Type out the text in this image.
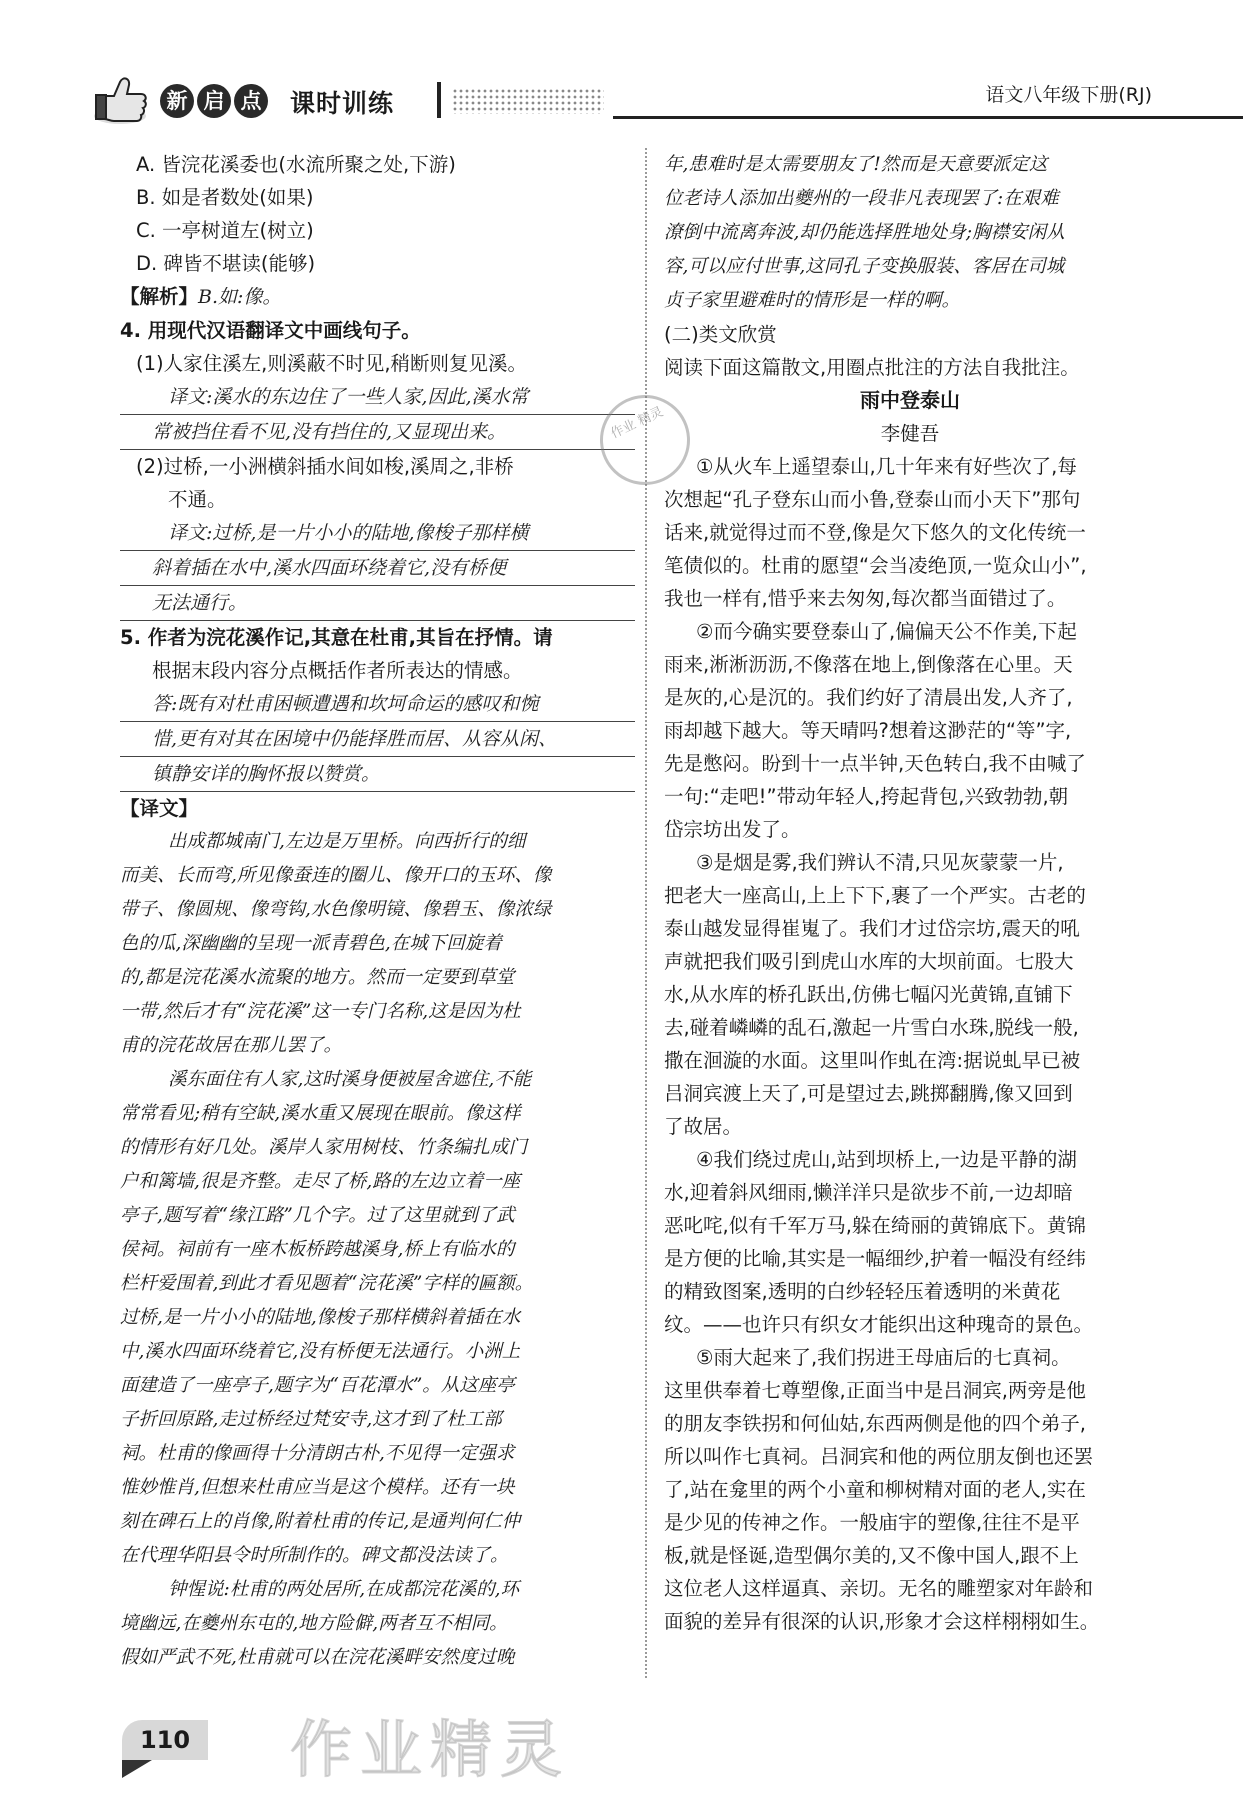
新 启 点 课时训练	语文八年级下册(RJ)
A. 皆浣花溪委也(水流所聚之处,下游)
B. 如是者数处(如果)
C. 一亭树道左(树立)
D. 碑皆不堪读(能够)
【解析】B.如:像。
4. 用现代汉语翻译文中画线句子。
(1)人家住溪左,则溪蔽不时见,稍断则复见溪。
译文:溪水的东边住了一些人家,因此,溪水常
常被挡住看不见,没有挡住的,又显现出来。
(2)过桥,一小洲横斜插水间如梭,溪周之,非桥
不通。
译文:过桥,是一片小小的陆地,像梭子那样横
斜着插在水中,溪水四面环绕着它,没有桥便
无法通行。
5. 作者为浣花溪作记,其意在杜甫,其旨在抒情。请
根据末段内容分点概括作者所表达的情感。
答:既有对杜甫困顿遭遇和坎坷命运的感叹和惋
惜,更有对其在困境中仍能择胜而居、从容从闲、
镇静安详的胸怀报以赞赏。
【译文】
出成都城南门,左边是万里桥。向西折行的细
而美、长而弯,所见像蚕连的圈儿、像开口的玉环、像
带子、像圆规、像弯钩,水色像明镜、像碧玉、像浓绿
色的瓜,深幽幽的呈现一派青碧色,在城下回旋着
的,都是浣花溪水流聚的地方。然而一定要到草堂
一带,然后才有“浣花溪”这一专门名称,这是因为杜
甫的浣花故居在那儿罢了。
溪东面住有人家,这时溪身便被屋舍遮住,不能
常常看见;稍有空缺,溪水重又展现在眼前。像这样
的情形有好几处。溪岸人家用树枝、竹条编扎成门
户和篱墙,很是齐整。走尽了桥,路的左边立着一座
亭子,题写着“缘江路”几个字。过了这里就到了武
侯祠。祠前有一座木板桥跨越溪身,桥上有临水的
栏杆爱围着,到此才看见题着“浣花溪”字样的匾额。
过桥,是一片小小的陆地,像梭子那样横斜着插在水
中,溪水四面环绕着它,没有桥便无法通行。小洲上
面建造了一座亭子,题字为“百花潭水”。从这座亭
子折回原路,走过桥经过梵安寺,这才到了杜工部
祠。杜甫的像画得十分清朗古朴,不见得一定强求
惟妙惟肖,但想来杜甫应当是这个模样。还有一块
刻在碑石上的肖像,附着杜甫的传记,是通判何仁仲
在代理华阳县令时所制作的。碑文都没法读了。
钟惺说:杜甫的两处居所,在成都浣花溪的,环
境幽远,在夔州东屯的,地方险僻,两者互不相同。
假如严武不死,杜甫就可以在浣花溪畔安然度过晚
年,患难时是太需要朋友了!然而是天意要派定这
位老诗人添加出夔州的一段非凡表现罢了:在艰难
潦倒中流离奔波,却仍能选择胜地处身;胸襟安闲从
容,可以应付世事,这同孔子变换服装、客居在司城
贞子家里避难时的情形是一样的啊。
(二)类文欣赏
阅读下面这篇散文,用圈点批注的方法自我批注。
雨中登泰山
李健吾
①从火车上遥望泰山,几十年来有好些次了,每
次想起“孔子登东山而小鲁,登泰山而小天下”那句
话来,就觉得过而不登,像是欠下悠久的文化传统一
笔债似的。杜甫的愿望“会当凌绝顶,一览众山小”,
我也一样有,惜乎来去匆匆,每次都当面错过了。
②而今确实要登泰山了,偏偏天公不作美,下起
雨来,淅淅沥沥,不像落在地上,倒像落在心里。天
是灰的,心是沉的。我们约好了清晨出发,人齐了,
雨却越下越大。等天晴吗?想着这渺茫的“等”字,
先是憋闷。盼到十一点半钟,天色转白,我不由喊了
一句:“走吧!”带动年轻人,挎起背包,兴致勃勃,朝
岱宗坊出发了。
③是烟是雾,我们辨认不清,只见灰蒙蒙一片,
把老大一座高山,上上下下,裹了一个严实。古老的
泰山越发显得崔嵬了。我们才过岱宗坊,震天的吼
声就把我们吸引到虎山水库的大坝前面。七股大
水,从水库的桥孔跃出,仿佛七幅闪光黄锦,直铺下
去,碰着嶙嶙的乱石,激起一片雪白水珠,脱线一般,
撒在洄漩的水面。这里叫作虬在湾:据说虬早已被
吕洞宾渡上天了,可是望过去,跳掷翻腾,像又回到
了故居。
④我们绕过虎山,站到坝桥上,一边是平静的湖
水,迎着斜风细雨,懒洋洋只是欲步不前,一边却暗
恶叱咤,似有千军万马,躲在绮丽的黄锦底下。黄锦
是方便的比喻,其实是一幅细纱,护着一幅没有经纬
的精致图案,透明的白纱轻轻压着透明的米黄花
纹。——也许只有织女才能织出这种瑰奇的景色。
⑤雨大起来了,我们拐进王母庙后的七真祠。
这里供奉着七尊塑像,正面当中是吕洞宾,两旁是他
的朋友李铁拐和何仙姑,东西两侧是他的四个弟子,
所以叫作七真祠。吕洞宾和他的两位朋友倒也还罢
了,站在龛里的两个小童和柳树精对面的老人,实在
是少见的传神之作。一般庙宇的塑像,往往不是平
板,就是怪诞,造型偶尔美的,又不像中国人,跟不上
这位老人这样逼真、亲切。无名的雕塑家对年龄和
面貌的差异有很深的认识,形象才会这样栩栩如生。
作业 精灵
作业精灵
110
